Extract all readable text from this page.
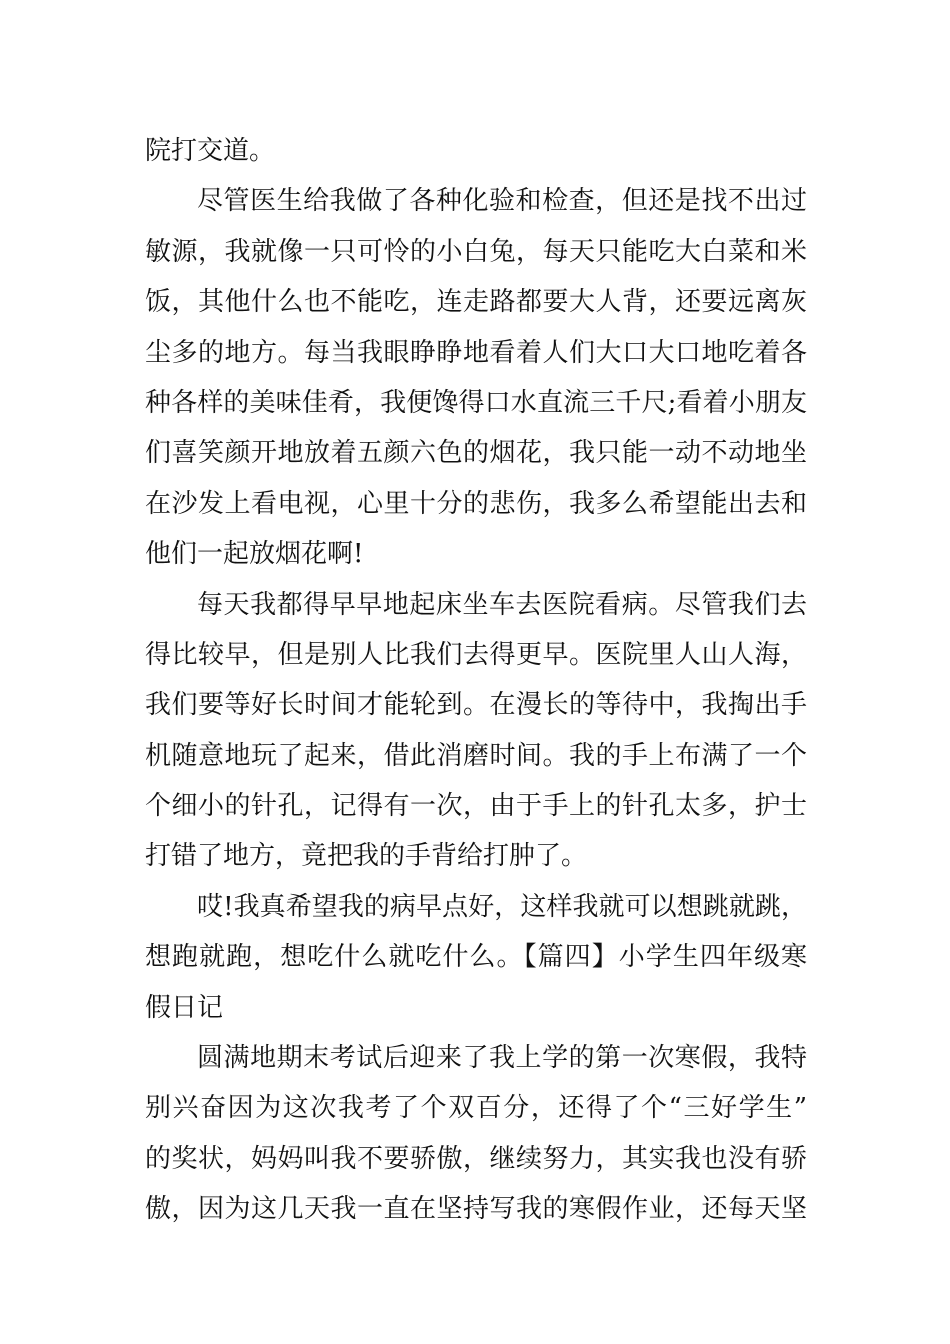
院打交道。
尽管医生给我做了各种化验和检查，但还是找不出过
敏源，我就像一只可怜的小白兔，每天只能吃大白菜和米
饭，其他什么也不能吃，连走路都要大人背，还要远离灰
尘多的地方。每当我眼睁睁地看着人们大口大口地吃着各
种各样的美味佳肴，我便馋得口水直流三千尺;看着小朋友
们喜笑颜开地放着五颜六色的烟花，我只能一动不动地坐
在沙发上看电视，心里十分的悲伤，我多么希望能出去和
他们一起放烟花啊!
每天我都得早早地起床坐车去医院看病。尽管我们去
得比较早，但是别人比我们去得更早。医院里人山人海，
我们要等好长时间才能轮到。在漫长的等待中，我掏出手
机随意地玩了起来，借此消磨时间。我的手上布满了一个
个细小的针孔，记得有一次，由于手上的针孔太多，护士
打错了地方，竟把我的手背给打肿了。
哎!我真希望我的病早点好，这样我就可以想跳就跳，
想跑就跑，想吃什么就吃什么。【篇四】小学生四年级寒
假日记
圆满地期末考试后迎来了我上学的第一次寒假，我特
别兴奋因为这次我考了个双百分，还得了个“三好学生”
的奖状，妈妈叫我不要骄傲，继续努力，其实我也没有骄
傲，因为这几天我一直在坚持写我的寒假作业，还每天坚
